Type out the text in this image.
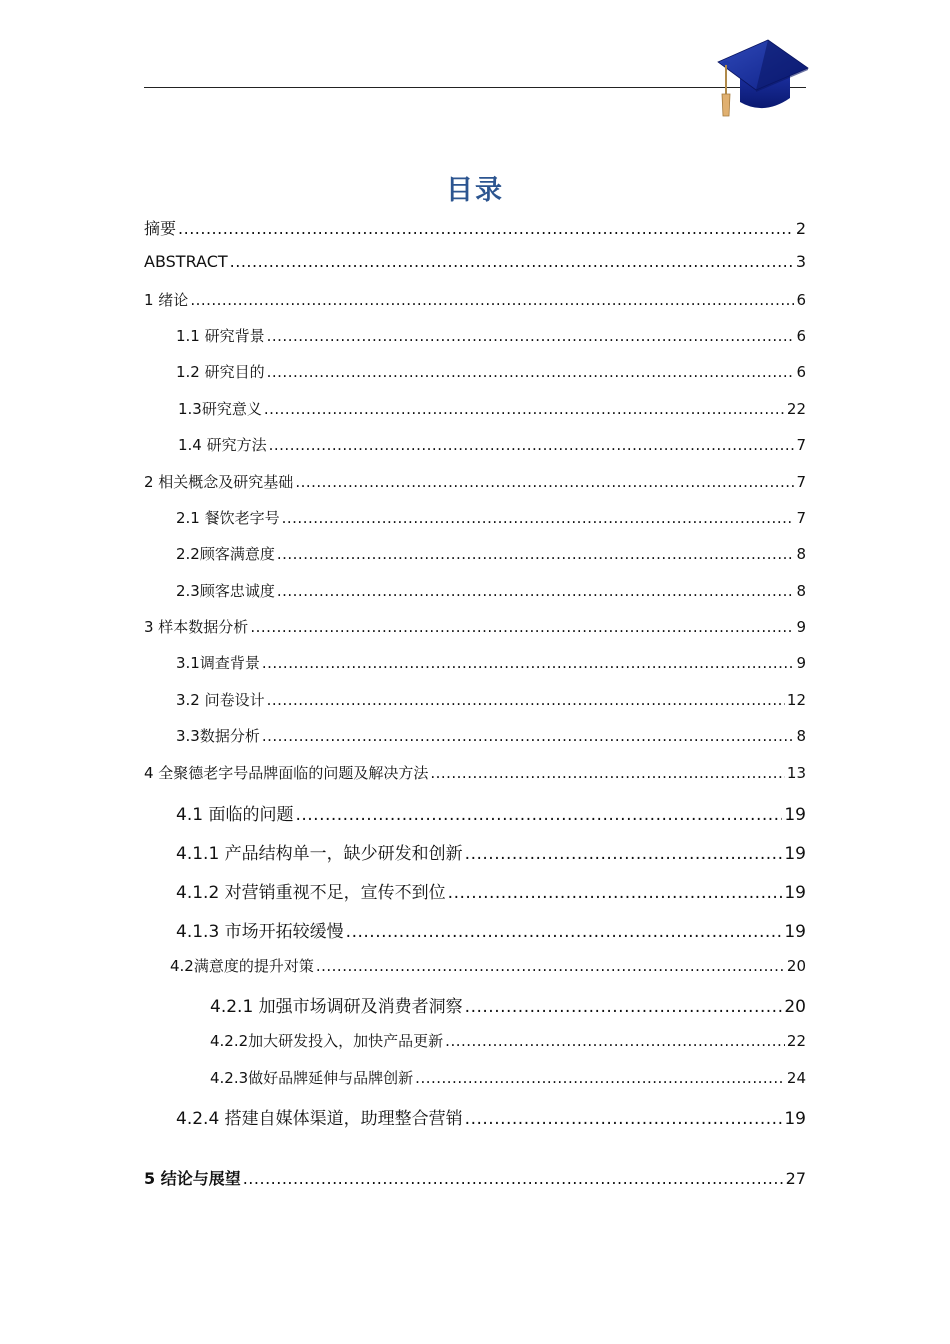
目录
摘要 .....	2
ABSTRACT .....	3
1 绪论 .....	6
1.1 研究背景 .....	6
1.2 研究目的 .....	6
1.3研究意义 .....	22
1.4 研究方法 .....	7
2 相关概念及研究基础 .....	7
2.1 餐饮老字号 .....	7
2.2顾客满意度 .....	8
2.3顾客忠诚度 .....	8
3 样本数据分析 .....	9
3.1调查背景 .....	9
3.2 问卷设计 .....	12
3.3数据分析 .....	8
4 全聚德老字号品牌面临的问题及解决方法 .....	13
4.1 面临的问题 .....	19
4.1.1 产品结构单一，缺少研发和创新 .....	19
4.1.2 对营销重视不足，宣传不到位 .....	19
4.1.3 市场开拓较缓慢 .....	19
4.2满意度的提升对策 .....	20
4.2.1 加强市场调研及消费者洞察 .....	20
4.2.2加大研发投入，加快产品更新 .....	22
4.2.3做好品牌延伸与品牌创新 .....	24
4.2.4 搭建自媒体渠道，助理整合营销 .....	19
5 结论与展望 .....	27
